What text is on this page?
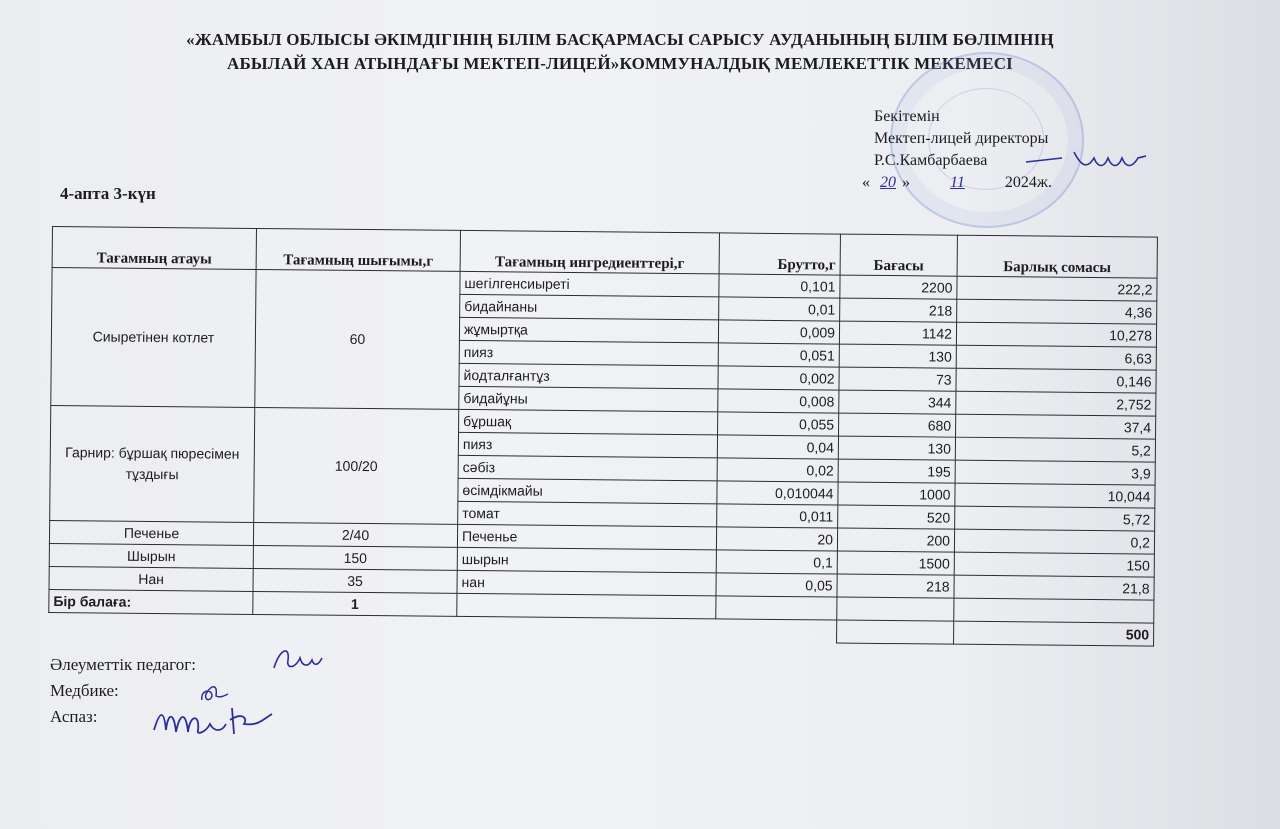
«ЖАМБЫЛ ОБЛЫСЫ ӘКІМДІГІНІҢ БІЛІМ БАСҚАРМАСЫ САРЫСУ АУДАНЫНЫҢ БІЛІМ БӨЛІМІНІҢ
АБЫЛАЙ ХАН АТЫНДАҒЫ МЕКТЕП-ЛИЦЕЙ»КОММУНАЛДЫҚ МЕМЛЕКЕТТІК МЕКЕМЕСІ
Бекітемін
Мектеп-лицей директоры
Р.С.Камбарбаева
« 20 » 11	2024ж.
4-апта 3-күн
Тағамның атауы	Тағамның шығымы,г	Тағамның ингредиенттері,г	Брутто,г	Бағасы	Барлық сомасы
Сиыретінен котлет	60	шегілгенсиыреті	0,101	2200	222,2
		бидайнаны	0,01	218	4,36
		жұмыртқа	0,009	1142	10,278
		пияз	0,051	130	6,63
		йодталғантұз	0,002	73	0,146
		бидайұны	0,008	344	2,752
Гарнир: бұршақ пюресімен тұздығы	100/20	бұршақ	0,055	680	37,4
		пияз	0,04	130	5,2
		сәбіз	0,02	195	3,9
		өсімдікмайы	0,010044	1000	10,044
		томат	0,011	520	5,72
Печенье	2/40	Печенье	20	200	0,2
Шырын	150	шырын	0,1	1500	150
Нан	35	нан	0,05	218	21,8
Бір балаға:	1				
					500
Әлеуметтік педагог:
Медбике:
Аспаз:
